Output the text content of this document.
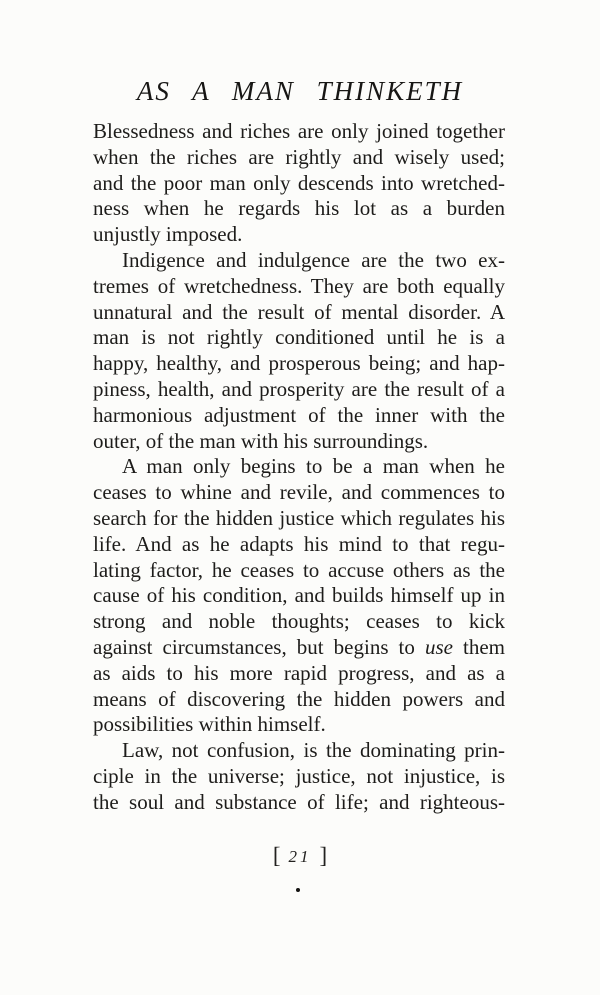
AS A MAN THINKETH
Blessedness and riches are only joined together
when the riches are rightly and wisely used;
and the poor man only descends into wretched-
ness when he regards his lot as a burden
unjustly imposed.
Indigence and indulgence are the two ex-
tremes of wretchedness. They are both equally
unnatural and the result of mental disorder. A
man is not rightly conditioned until he is a
happy, healthy, and prosperous being; and hap-
piness, health, and prosperity are the result of a
harmonious adjustment of the inner with the
outer, of the man with his surroundings.
A man only begins to be a man when he
ceases to whine and revile, and commences to
search for the hidden justice which regulates his
life. And as he adapts his mind to that regu-
lating factor, he ceases to accuse others as the
cause of his condition, and builds himself up in
strong and noble thoughts; ceases to kick
against circumstances, but begins to use them
as aids to his more rapid progress, and as a
means of discovering the hidden powers and
possibilities within himself.
Law, not confusion, is the dominating prin-
ciple in the universe; justice, not injustice, is
the soul and substance of life; and righteous-
[ 21 ]
